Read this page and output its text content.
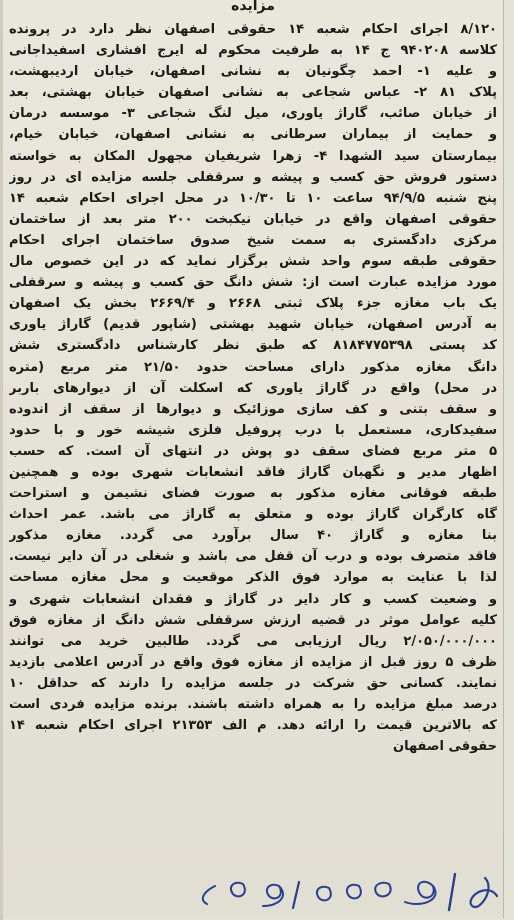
مزایده
۸/۱۲۰ اجرای احکام شعبه ۱۴ حقوقی اصفهان نظر دارد در پرونده
کلاسه ۹۴۰۲۰۸ ج ۱۴ به طرفیت محکوم له ایرج افشاری اسفیداجانی
و علیه ۱- احمد چگونیان به نشانی اصفهان، خیابان اردیبهشت،
پلاک ۸۱ ۲- عباس شجاعی به نشانی اصفهان خیابان بهشتی، بعد
از خیابان صائب، گاراژ یاوری، میل لنگ شجاعی ۳- موسسه درمان
و حمایت از بیماران سرطانی به نشانی اصفهان، خیابان خیام،
بیمارستان سید الشهدا ۴- زهرا شریفیان مجهول المکان به خواسته
دستور فروش حق کسب و پیشه و سرقفلی جلسه مزایده ای در روز
پنج شنبه ۹۴/۹/۵ ساعت ۱۰ تا ۱۰/۳۰ در محل اجرای احکام شعبه ۱۴
حقوقی اصفهان واقع در خیابان نیکبخت ۲۰۰ متر بعد از ساختمان
مرکزی دادگستری به سمت شیخ صدوق ساختمان اجرای احکام
حقوقی طبقه سوم واحد شش برگزار نماید که در این خصوص مال
مورد مزایده عبارت است از: شش دانگ حق کسب و پیشه و سرقفلی
یک باب مغازه جزء پلاک ثبتی ۲۶۶۸ و ۲۶۶۹/۴ بخش یک اصفهان
به آدرس اصفهان، خیابان شهید بهشتی (شاپور قدیم) گاراژ یاوری
کد پستی ۸۱۸۴۷۷۵۳۹۸ که طبق نظر کارشناس دادگستری شش
دانگ مغازه مذکور دارای مساحت حدود ۲۱/۵۰ متر مربع (متره
در محل) واقع در گاراژ یاوری که اسکلت آن از دیوارهای باربر
و سقف بتنی و کف سازی موزائیک و دیوارها از سقف از اندوده
سفیدکاری، مستعمل با درب پروفیل فلزی شیشه خور و با حدود
۵ متر مربع فضای سقف دو پوش در انتهای آن است. که حسب
اظهار مدیر و نگهبان گاراژ فاقد انشعابات شهری بوده و همچنین
طبقه فوقانی مغازه مذکور به صورت فضای نشیمن و استراحت
گاه کارگران گاراژ بوده و متعلق به گاراژ می باشد. عمر احداث
بنا مغازه و گاراژ ۴۰ سال برآورد می گردد. مغازه مذکور
فاقد متصرف بوده و درب آن قفل می باشد و شغلی در آن دایر نیست.
لذا با عنایت به موارد فوق الذکر موقعیت و محل مغازه مساحت
و وضعیت کسب و کار دایر در گاراژ و فقدان انشعابات شهری و
کلیه عوامل موثر در قضیه ارزش سرقفلی شش دانگ از مغازه فوق
۲/۰۵۰/۰۰۰/۰۰۰ ریال ارزیابی می گردد. طالبین خرید می توانند
ظرف ۵ روز قبل از مزایده از مغازه فوق واقع در آدرس اعلامی بازدید
نمایند. کسانی حق شرکت در جلسه مزایده را دارند که حداقل ۱۰
درصد مبلغ مزایده را به همراه داشته باشند. برنده مزایده فردی است
که بالاترین قیمت را ارائه دهد. م الف ۲۱۳۵۳ اجرای احکام شعبه ۱۴
حقوقی اصفهان
